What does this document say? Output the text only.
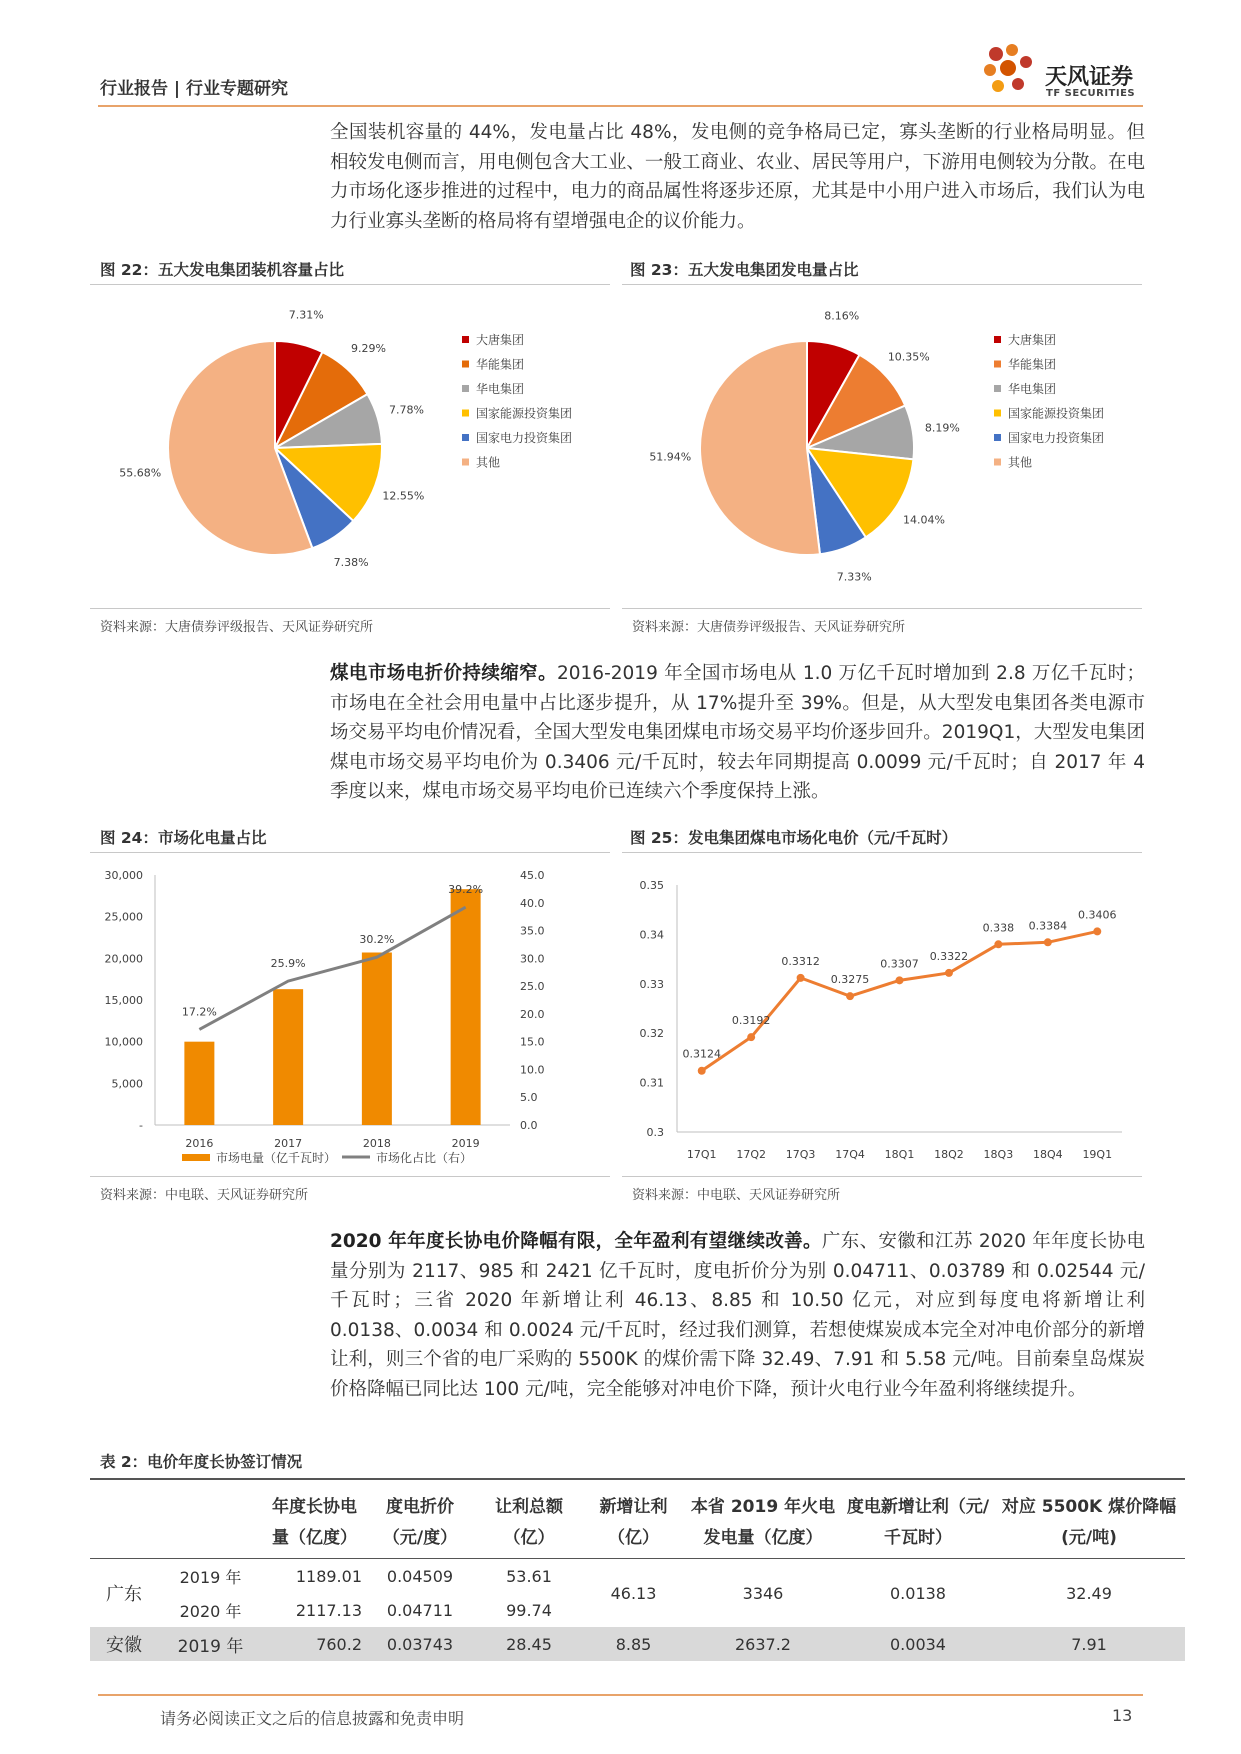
行业报告 | 行业专题研究	天风证券
TF SECURITIES
全国装机容量的 44%，发电量占比 48%，发电侧的竞争格局已定，寡头垄断的行业格局明显。但相较发电侧而言，用电侧包含大工业、一般工商业、农业、居民等用户，下游用电侧较为分散。在电力市场化逐步推进的过程中，电力的商品属性将逐步还原，尤其是中小用户进入市场后，我们认为电力行业寡头垄断的格局将有望增强电企的议价能力。
图 22：五大发电集团装机容量占比	图 23：五大发电集团发电量占比
7.31%
9.29%
7.78%
12.55%
7.38%
55.68%
大唐集团
华能集团
华电集团
国家能源投资集团
国家电力投资集团
其他
8.16%
10.35%
8.19%
14.04%
7.33%
51.94%
大唐集团
华能集团
华电集团
国家能源投资集团
国家电力投资集团
其他
资料来源：大唐债券评级报告、天风证券研究所	资料来源：大唐债券评级报告、天风证券研究所
煤电市场电折价持续缩窄。2016-2019 年全国市场电从 1.0 万亿千瓦时增加到 2.8 万亿千瓦时；市场电在全社会用电量中占比逐步提升，从 17%提升至 39%。但是，从大型发电集团各类电源市场交易平均电价情况看，全国大型发电集团煤电市场交易平均价逐步回升。2019Q1，大型发电集团煤电市场交易平均电价为 0.3406 元/千瓦时，较去年同期提高 0.0099 元/千瓦时；自 2017 年 4 季度以来，煤电市场交易平均电价已连续六个季度保持上涨。
图 24：市场化电量占比	图 25：发电集团煤电市场化电价（元/千瓦时）
-
5,000
10,000
15,000
20,000
25,000
30,000
0.0
5.0
10.0
15.0
20.0
25.0
30.0
35.0
40.0
45.0
2016	2017	2018	2019
17.2%
25.9%
30.2%
39.2%
市场电量（亿千瓦时）	市场化占比（右）
0.3
0.31
0.32
0.33
0.34
0.35
17Q1 17Q2 17Q3 17Q4 18Q1 18Q2 18Q3 18Q4 19Q1
0.3124
0.3192
0.3312
0.3275
0.3307
0.3322
0.338 0.3384
0.3406
资料来源：中电联、天风证券研究所	资料来源：中电联、天风证券研究所
2020 年年度长协电价降幅有限，全年盈利有望继续改善。广东、安徽和江苏 2020 年年度长协电量分别为 2117、985 和 2421 亿千瓦时，度电折价分为别 0.04711、0.03789 和 0.02544 元/千瓦时；三省 2020 年新增让利 46.13、8.85 和 10.50 亿元，对应到每度电将新增让利 0.0138、0.0034 和 0.0024 元/千瓦时，经过我们测算，若想使煤炭成本完全对冲电价部分的新增让利，则三个省的电厂采购的 5500K 的煤价需下降 32.49、7.91 和 5.58 元/吨。目前秦皇岛煤炭价格降幅已同比达 100 元/吨，完全能够对冲电价下降，预计火电行业今年盈利将继续提升。
表 2：电价年度长协签订情况
		年度长协电量（亿度）	度电折价（元/度）	让利总额（亿）	新增让利（亿）	本省 2019 年火电发电量（亿度）	度电新增让利（元/千瓦时）	对应 5500K 煤价降幅(元/吨)
广东	2019 年	1189.01	0.04509	53.61	46.13	3346	0.0138	32.49
	2020 年	2117.13	0.04711	99.74				
安徽	2019 年	760.2	0.03743	28.45	8.85	2637.2	0.0034	7.91
请务必阅读正文之后的信息披露和免责申明	13
